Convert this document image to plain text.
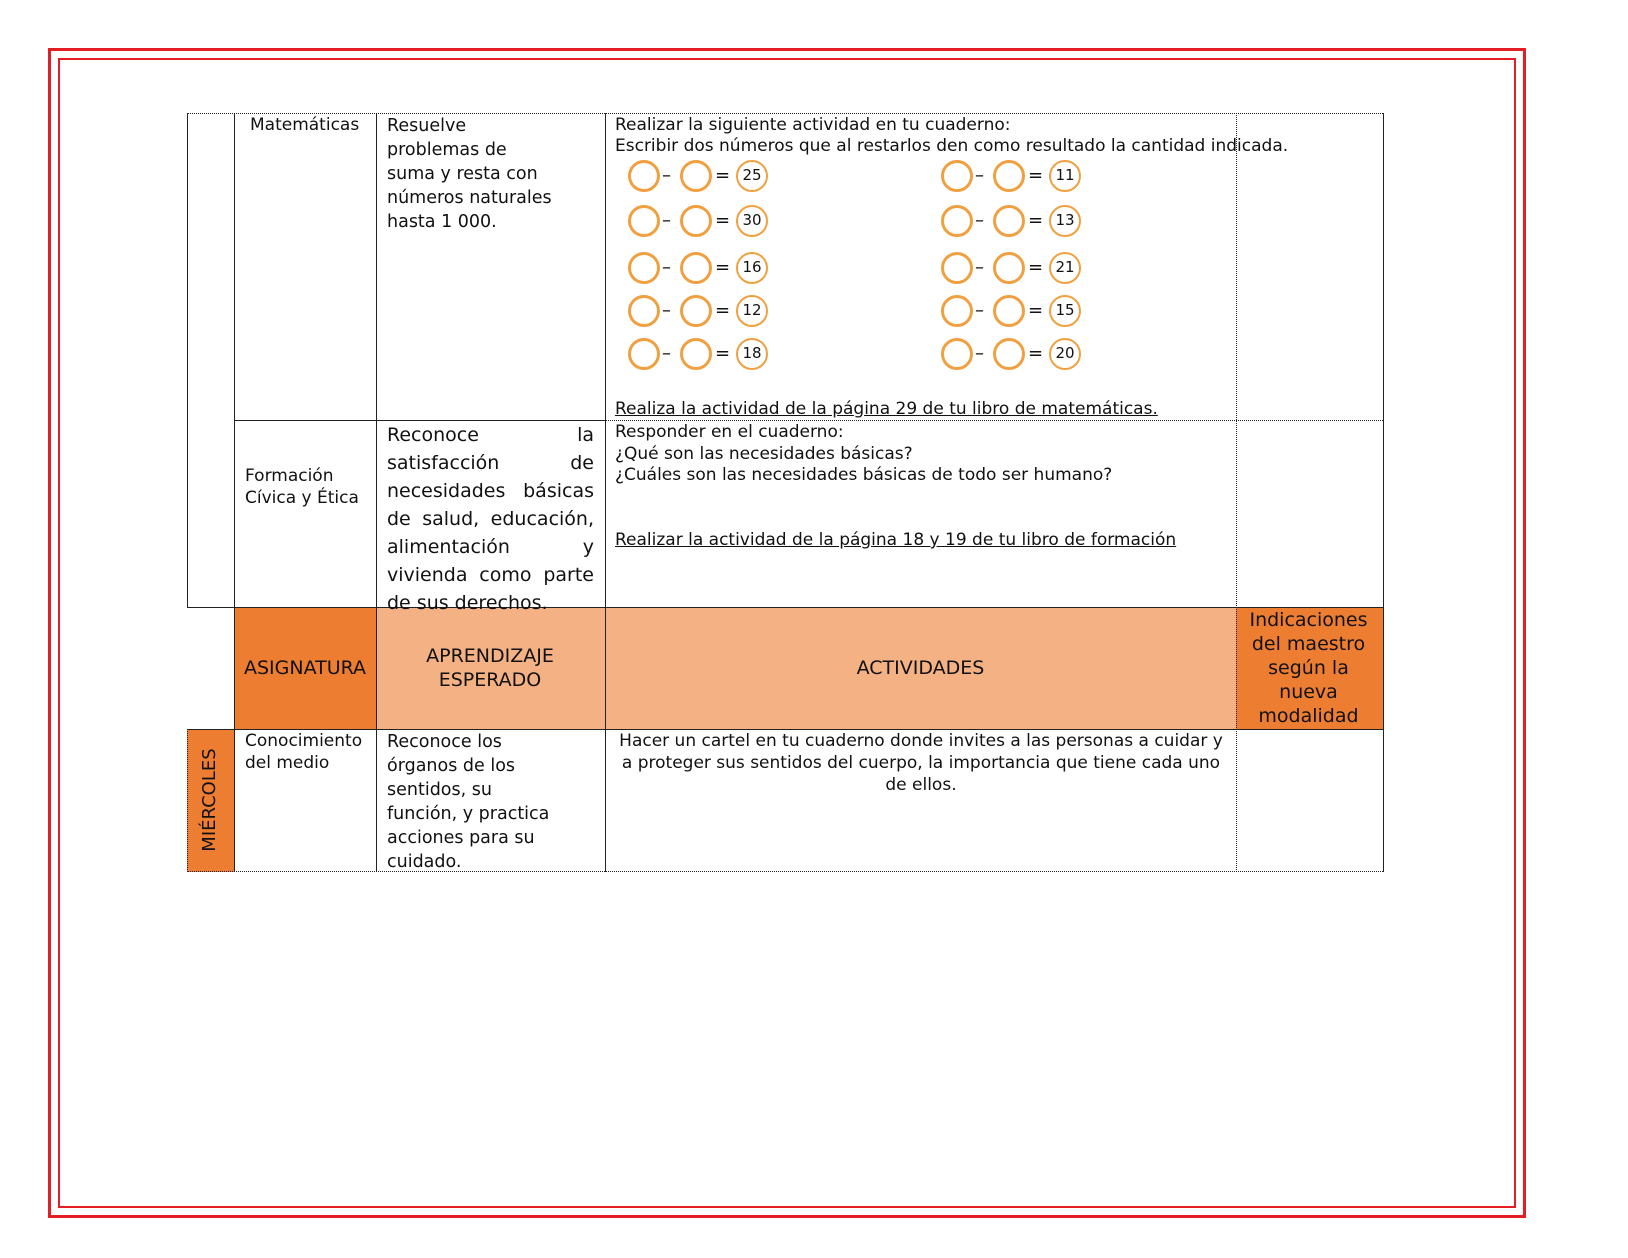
Matemáticas Resuelve problemas de suma y resta con números naturales hasta 1 000.
Realizar la siguiente actividad en tu cuaderno:
Escribir dos números que al restarlos den como resultado la cantidad indicada.
– = 25
– = 30
– = 16
– = 12
– = 18
– = 11
– = 13
– = 21
– = 15
– = 20
Realiza la actividad de la página 29 de tu libro de matemáticas.
Formación Cívica y Ética
Reconoce la satisfacción de necesidades básicas de salud, educación, alimentación y vivienda como parte de sus derechos.
Responder en el cuaderno:
¿Qué son las necesidades básicas?
¿Cuáles son las necesidades básicas de todo ser humano?
Realizar la actividad de la página 18 y 19 de tu libro de formación
ASIGNATURA
APRENDIZAJE ESPERADO
ACTIVIDADES
Indicaciones del maestro según la nueva modalidad
MIÉRCOLES
Conocimiento del medio
Reconoce los órganos de los sentidos, su función, y practica acciones para su cuidado.
Hacer un cartel en tu cuaderno donde invites a las personas a cuidar y a proteger sus sentidos del cuerpo, la importancia que tiene cada uno de ellos.
